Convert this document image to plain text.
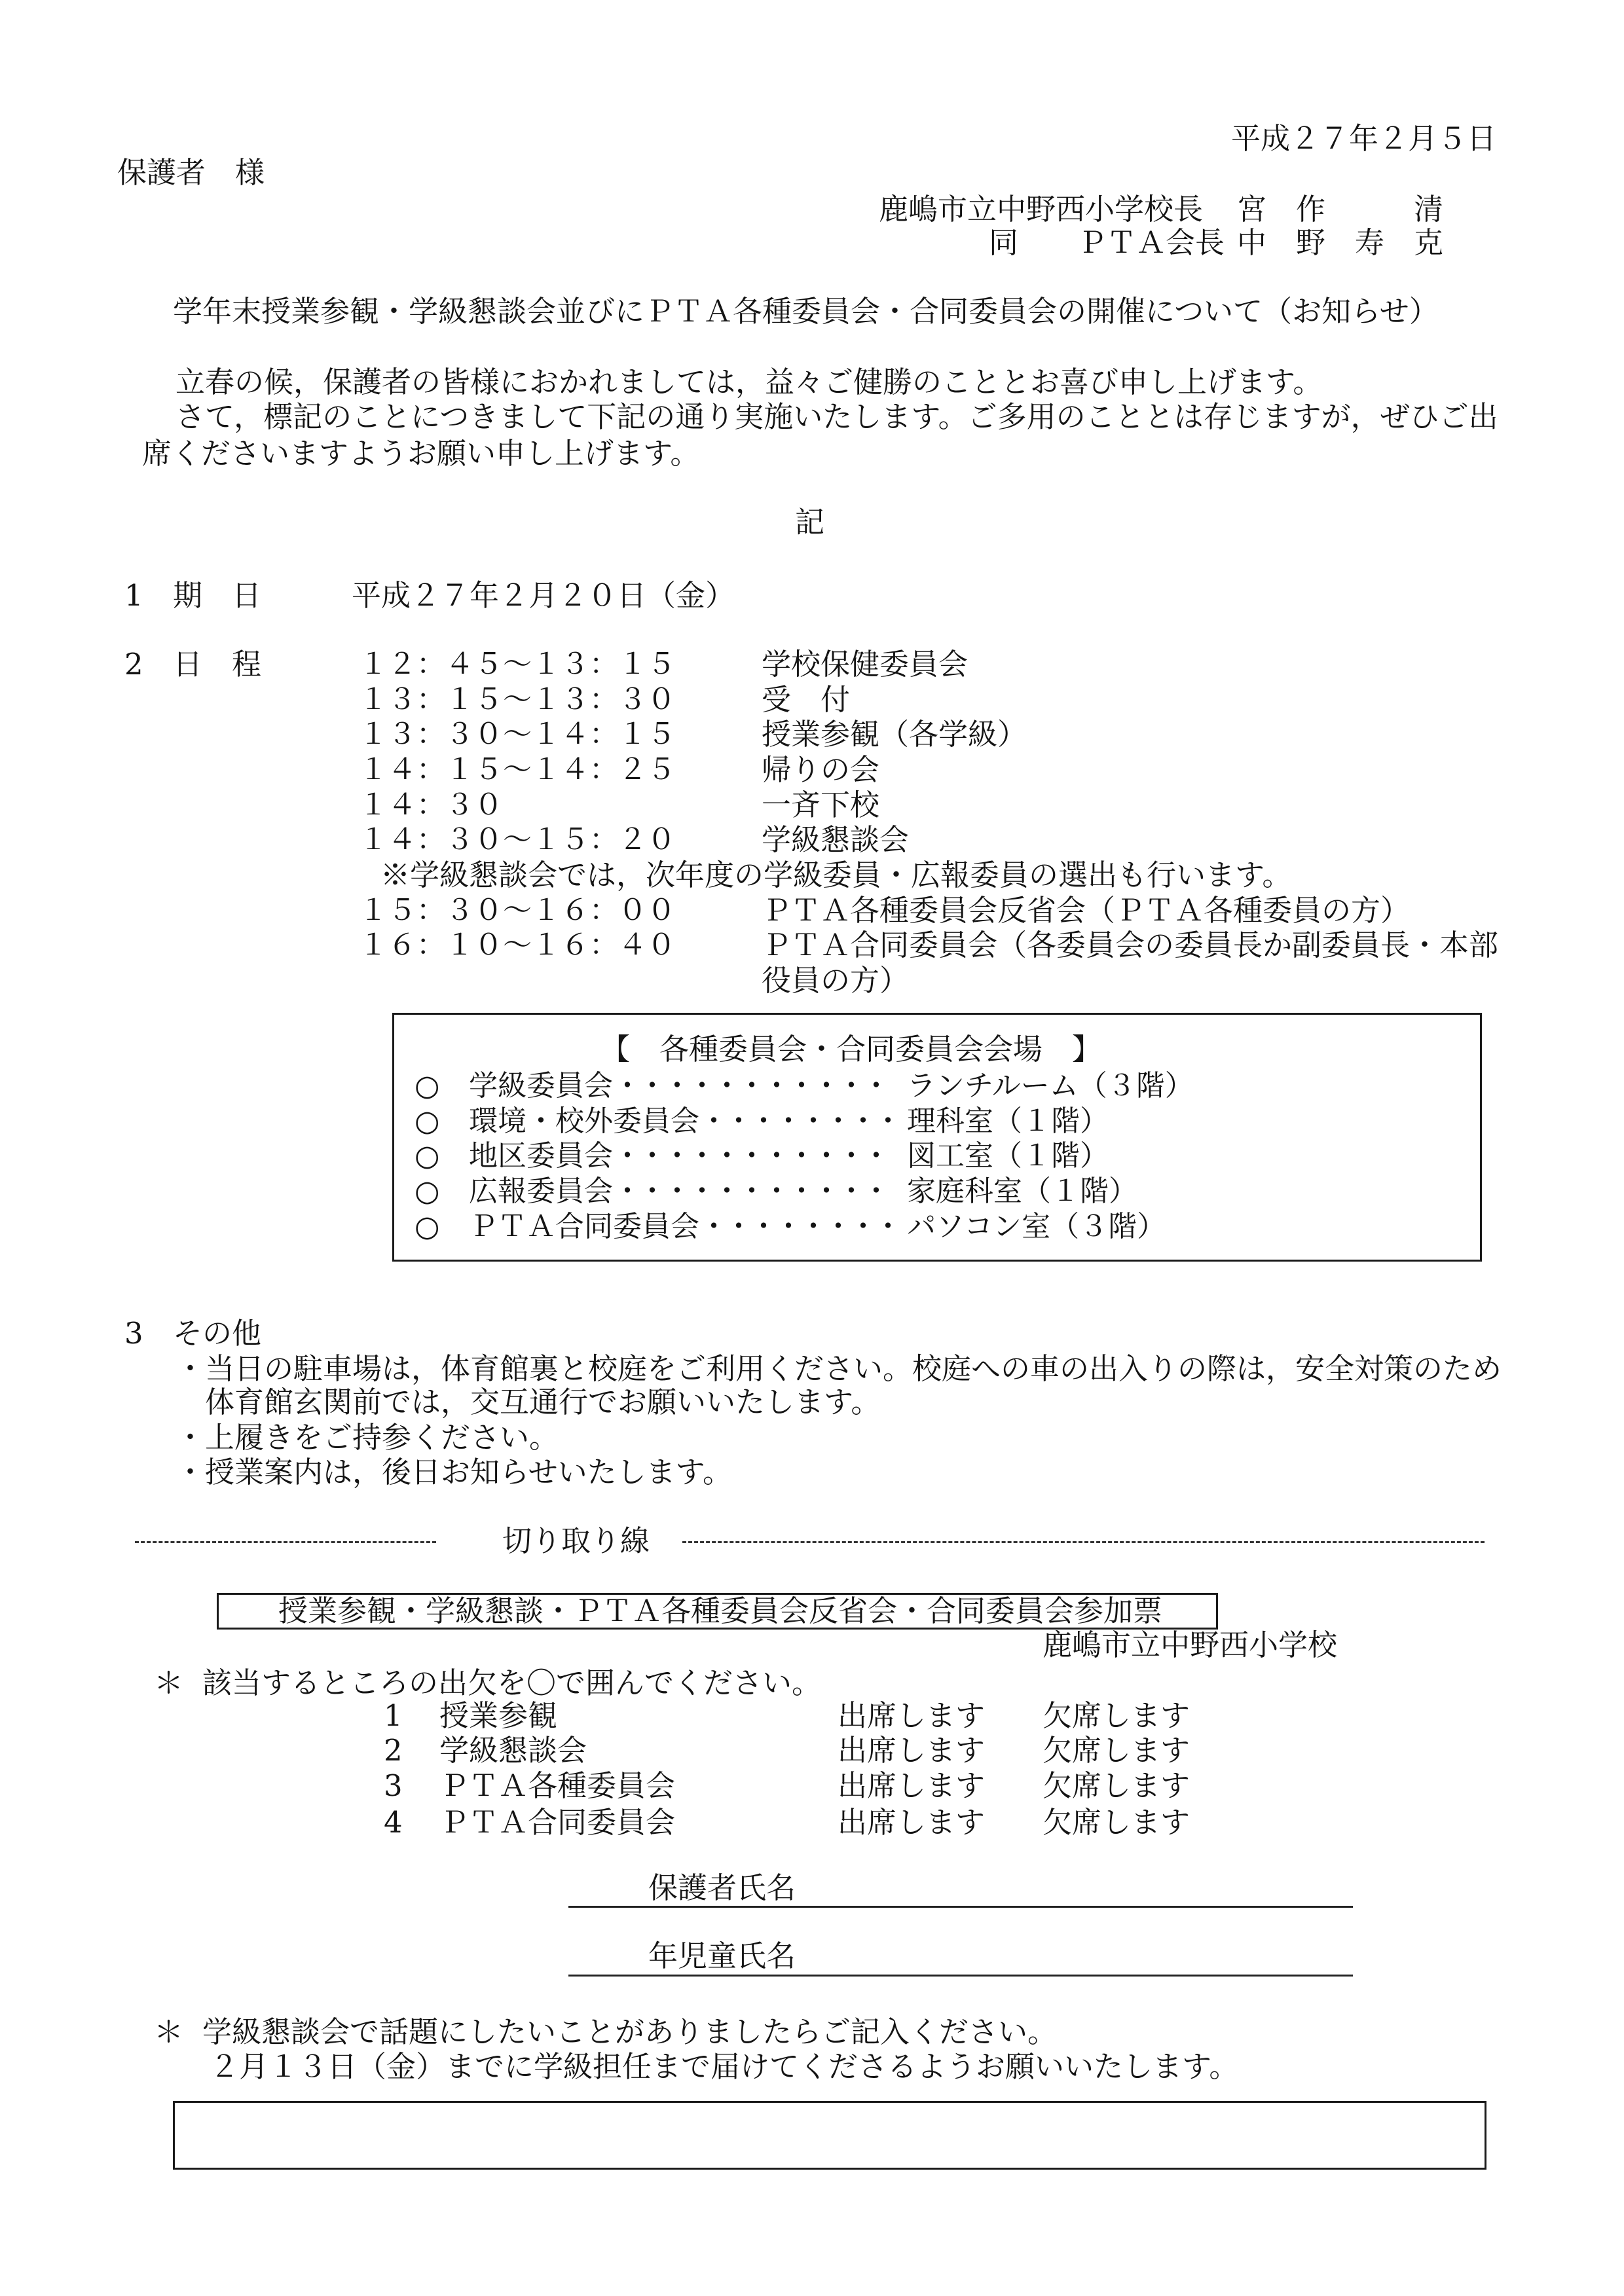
平成２７年２月５日
保護者　様
鹿嶋市立中野西小学校長 宮　作　　　清
同　　ＰＴＡ会長 中　野　寿　克
学年末授業参観・学級懇談会並びにＰＴＡ各種委員会・合同委員会の開催について（お知らせ）
立春の候，保護者の皆様におかれましては，益々ご健勝のこととお喜び申し上げます。
さて，標記のことにつきまして下記の通り実施いたします。ご多用のこととは存じますが，ぜひご出
席くださいますようお願い申し上げます。
記
1 期　日	平成２７年２月２０日（金）
2 日　程	１２：４５～１３：１５	学校保健委員会
１３：１５～１３：３０	受　付
１３：３０～１４：１５	授業参観（各学級）
１４：１５～１４：２５	帰りの会
１４：３０	一斉下校
１４：３０～１５：２０	学級懇談会
※学級懇談会では，次年度の学級委員・広報委員の選出も行います。
１５：３０～１６：００	ＰＴＡ各種委員会反省会（ＰＴＡ各種委員の方）
１６：１０～１６：４０	ＰＴＡ合同委員会（各委員会の委員長か副委員長・本部
役員の方）
【　各種委員会・合同委員会会場　】
○ 学級委員会・・・・・・・・・・・ ランチルーム（３階）
○ 環境・校外委員会・・・・・・・・ 理科室（１階）
○ 地区委員会・・・・・・・・・・・ 図工室（１階）
○ 広報委員会・・・・・・・・・・・ 家庭科室（１階）
○ ＰＴＡ合同委員会・・・・・・・・ パソコン室（３階）
3 その他
・当日の駐車場は，体育館裏と校庭をご利用ください。校庭への車の出入りの際は，安全対策のため
体育館玄関前では，交互通行でお願いいたします。
・上履きをご持参ください。
・授業案内は，後日お知らせいたします。
切り取り線
授業参観・学級懇談・ＰＴＡ各種委員会反省会・合同委員会参加票
鹿嶋市立中野西小学校
＊ 該当するところの出欠を〇で囲んでください。
1 授業参観	出席します 欠席します
2 学級懇談会	出席します 欠席します
3 ＰＴＡ各種委員会	出席します 欠席します
4 ＰＴＡ合同委員会	出席します 欠席します
保護者氏名
年児童氏名
＊ 学級懇談会で話題にしたいことがありましたらご記入ください。
２月１３日（金）までに学級担任まで届けてくださるようお願いいたします。
